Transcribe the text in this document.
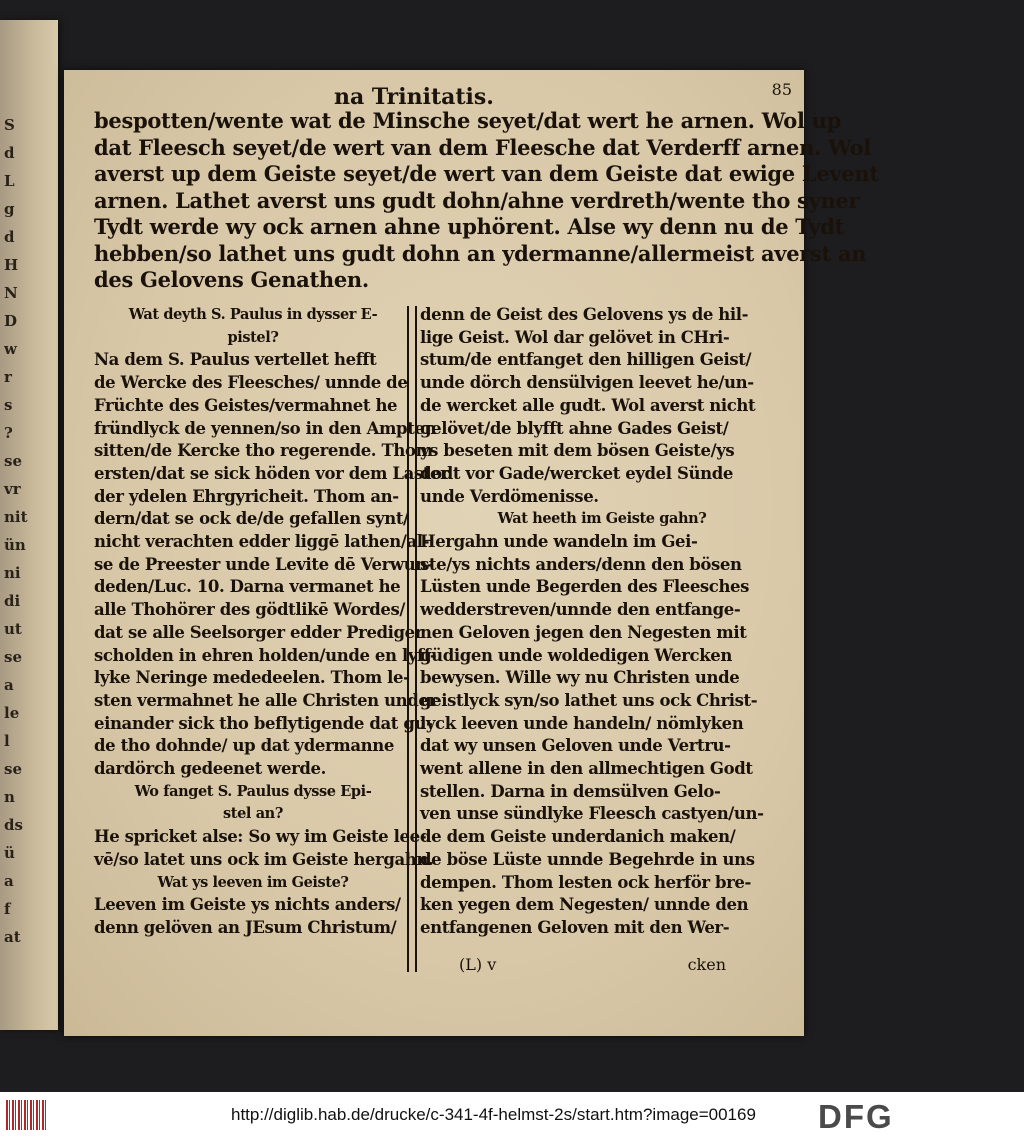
S
d
L
g
d
H
N
D
w
r
s
?
se
vr
nit
ün
ni
di
ut
se
a
le
l
se
n
ds
ü
a
f
at
na Trinitatis.	85
bespotten/wente wat de Minsche seyet/dat wert he arnen. Wol up
dat Fleesch seyet/de wert van dem Fleesche dat Verderff arnen. Wol
averst up dem Geiste seyet/de wert van dem Geiste dat ewige Levent
arnen. Lathet averst uns gudt dohn/ahne verdreth/wente tho syner
Tydt werde wy ock arnen ahne uphörent. Alse wy denn nu de Tydt
hebben/so lathet uns gudt dohn an ydermanne/allermeist averst an
des Gelovens Genathen.
Wat deyth S. Paulus in dysser E-
pistel?
Na dem S. Paulus vertellet hefft
de Wercke des Fleesches/ unnde de
Früchte des Geistes/vermahnet he
fründlyck de yennen/so in den Ampten
sitten/de Kercke tho regerende. Thom
ersten/dat se sick höden vor dem Laster
der ydelen Ehrgyricheit. Thom an-
dern/dat se ock de/de gefallen synt/
nicht verachten edder liggē lathen/al-
se de Preester unde Levite dē Verwun-
deden/Luc. 10. Darna vermanet he
alle Thohörer des gödtlikē Wordes/
dat se alle Seelsorger edder Prediger
scholden in ehren holden/unde en lyff-
lyke Neringe mededeelen. Thom le-
sten vermahnet he alle Christen under
einander sick tho beflytigende dat gu-
de tho dohnde/ up dat ydermanne
dardörch gedeenet werde.
Wo fanget S. Paulus dysse Epi-
stel an?
He spricket alse: So wy im Geiste lee-
vē/so latet uns ock im Geiste hergahn.
Wat ys leeven im Geiste?
Leeven im Geiste ys nichts anders/
denn gelöven an JEsum Christum/
denn de Geist des Gelovens ys de hil-
lige Geist. Wol dar gelövet in CHri-
stum/de entfanget den hilligen Geist/
unde dörch densülvigen leevet he/un-
de wercket alle gudt. Wol averst nicht
gelövet/de blyfft ahne Gades Geist/
ys beseten mit dem bösen Geiste/ys
dodt vor Gade/wercket eydel Sünde
unde Verdömenisse.
Wat heeth im Geiste gahn?
Hergahn unde wandeln im Gei-
ste/ys nichts anders/denn den bösen
Lüsten unde Begerden des Fleesches
wedderstreven/unnde den entfange-
nen Geloven jegen den Negesten mit
güdigen unde woldedigen Wercken
bewysen. Wille wy nu Christen unde
geistlyck syn/so lathet uns ock Christ-
lyck leeven unde handeln/ nömlyken
dat wy unsen Geloven unde Vertru-
went allene in den allmechtigen Godt
stellen. Darna in demsülven Gelo-
ven unse sündlyke Fleesch castyen/un-
de dem Geiste underdanich maken/
de böse Lüste unnde Begehrde in uns
dempen. Thom lesten ock herför bre-
ken yegen dem Negesten/ unnde den
entfangenen Geloven mit den Wer-
(L) v	cken
http://diglib.hab.de/drucke/c-341-4f-helmst-2s/start.htm?image=00169 DFG
